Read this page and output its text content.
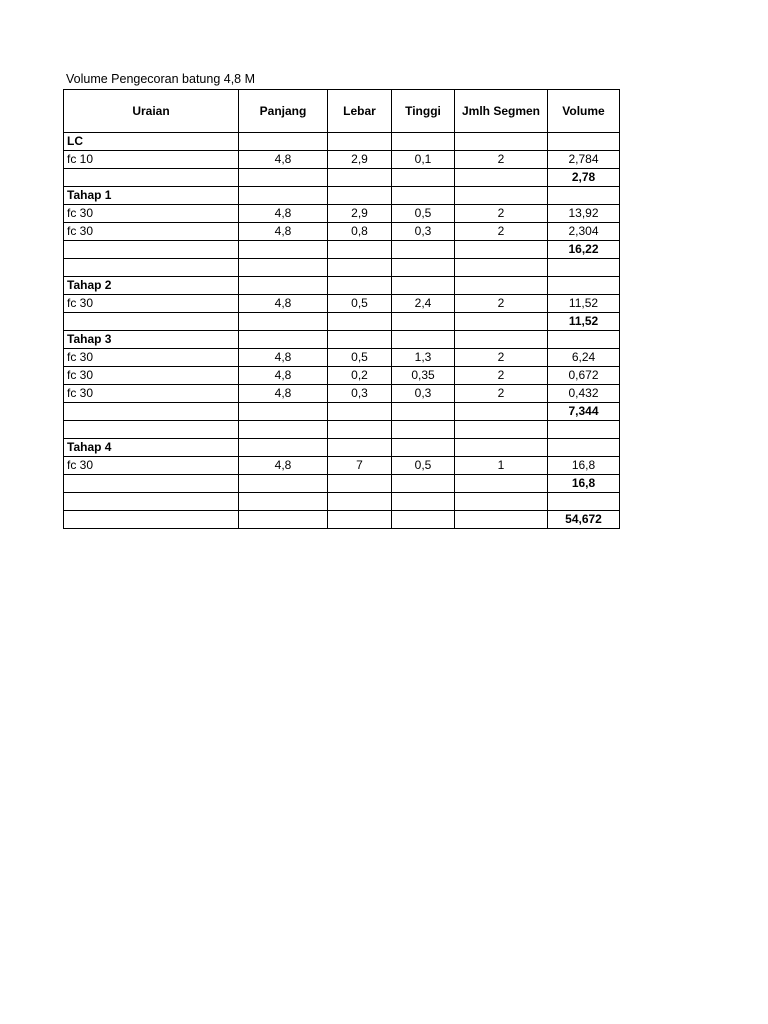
Volume Pengecoran batung 4,8 M
Uraian	Panjang	Lebar	Tinggi	Jmlh Segmen	Volume
LC					
fc 10	4,8	2,9	0,1	2	2,784
					2,78
Tahap 1					
fc 30	4,8	2,9	0,5	2	13,92
fc 30	4,8	0,8	0,3	2	2,304
					16,22

Tahap 2					
fc 30	4,8	0,5	2,4	2	11,52
					11,52
Tahap 3					
fc 30	4,8	0,5	1,3	2	6,24
fc 30	4,8	0,2	0,35	2	0,672
fc 30	4,8	0,3	0,3	2	0,432
					7,344

Tahap 4					
fc 30	4,8	7	0,5	1	16,8
					16,8

					54,672
